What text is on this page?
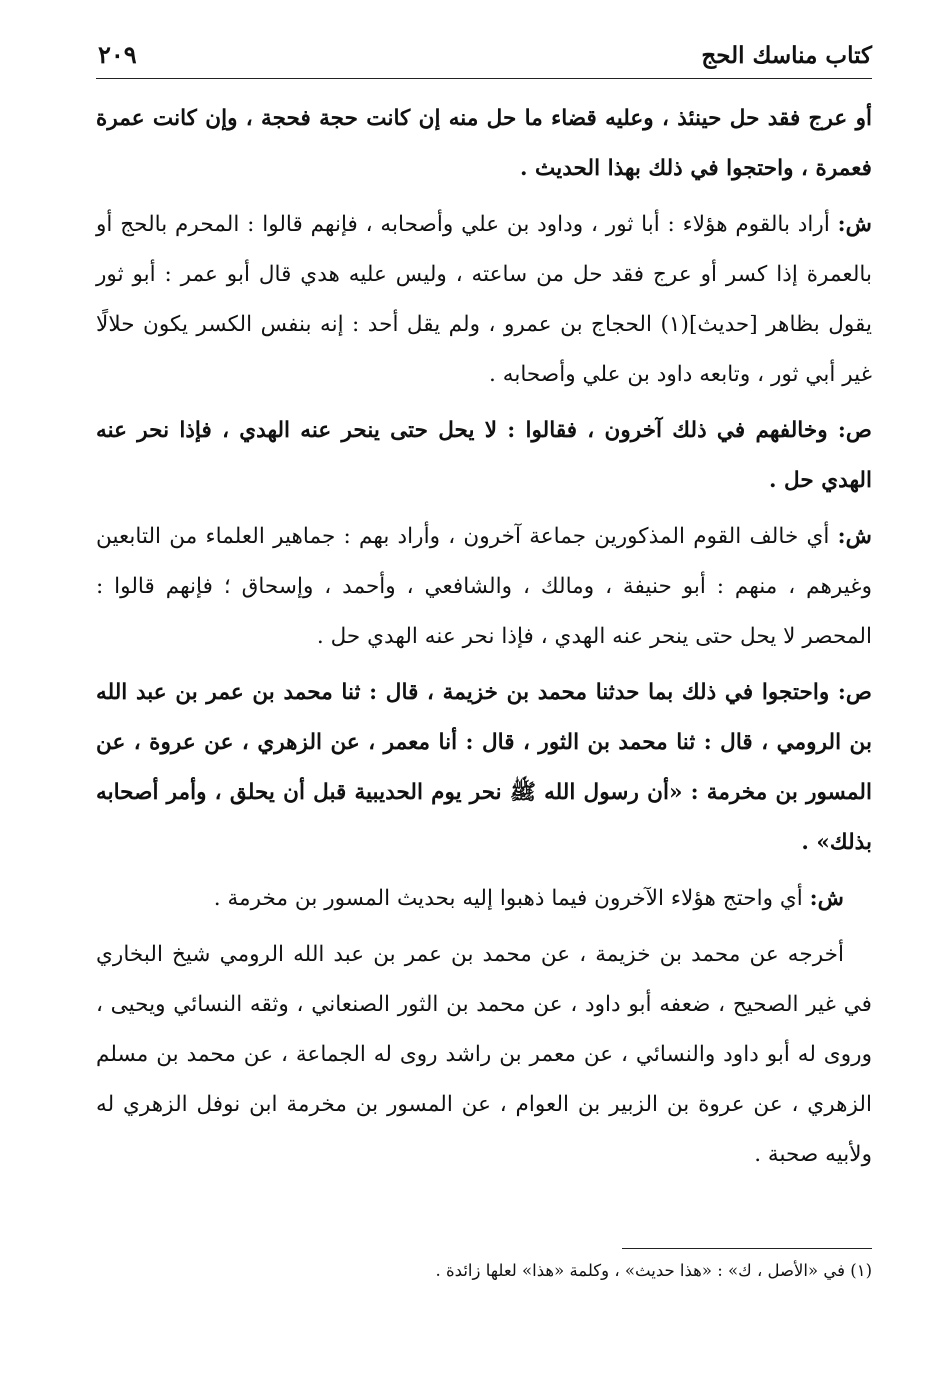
كتاب مناسك الحج
٢٠٩

أو عرج فقد حل حينئذ ، وعليه قضاء ما حل منه إن كانت حجة فحجة ، وإن كانت عمرة فعمرة ، واحتجوا في ذلك بهذا الحديث .

ش: أراد بالقوم هؤلاء : أبا ثور ، وداود بن علي وأصحابه ، فإنهم قالوا : المحرم بالحج أو بالعمرة إذا كسر أو عرج فقد حل من ساعته ، وليس عليه هدي قال أبو عمر : أبو ثور يقول بظاهر [حديث](١) الحجاج بن عمرو ، ولم يقل أحد : إنه بنفس الكسر يكون حلالًا غير أبي ثور ، وتابعه داود بن علي وأصحابه .

ص: وخالفهم في ذلك آخرون ، فقالوا : لا يحل حتى ينحر عنه الهدي ، فإذا نحر عنه الهدي حل .

ش: أي خالف القوم المذكورين جماعة آخرون ، وأراد بهم : جماهير العلماء من التابعين وغيرهم ، منهم : أبو حنيفة ، ومالك ، والشافعي ، وأحمد ، وإسحاق ؛ فإنهم قالوا : المحصر لا يحل حتى ينحر عنه الهدي ، فإذا نحر عنه الهدي حل .

ص: واحتجوا في ذلك بما حدثنا محمد بن خزيمة ، قال : ثنا محمد بن عمر بن عبد الله بن الرومي ، قال : ثنا محمد بن الثور ، قال : أنا معمر ، عن الزهري ، عن عروة ، عن المسور بن مخرمة : «أن رسول الله ﷺ نحر يوم الحديبية قبل أن يحلق ، وأمر أصحابه بذلك» .

ش: أي واحتج هؤلاء الآخرون فيما ذهبوا إليه بحديث المسور بن مخرمة .

أخرجه عن محمد بن خزيمة ، عن محمد بن عمر بن عبد الله الرومي شيخ البخاري في غير الصحيح ، ضعفه أبو داود ، عن محمد بن الثور الصنعاني ، وثقه النسائي ويحيى ، وروى له أبو داود والنسائي ، عن معمر بن راشد روى له الجماعة ، عن محمد بن مسلم الزهري ، عن عروة بن الزبير بن العوام ، عن المسور بن مخرمة ابن نوفل الزهري له ولأبيه صحبة .

(١) في «الأصل ، ك» : «هذا حديث» ، وكلمة «هذا» لعلها زائدة .
